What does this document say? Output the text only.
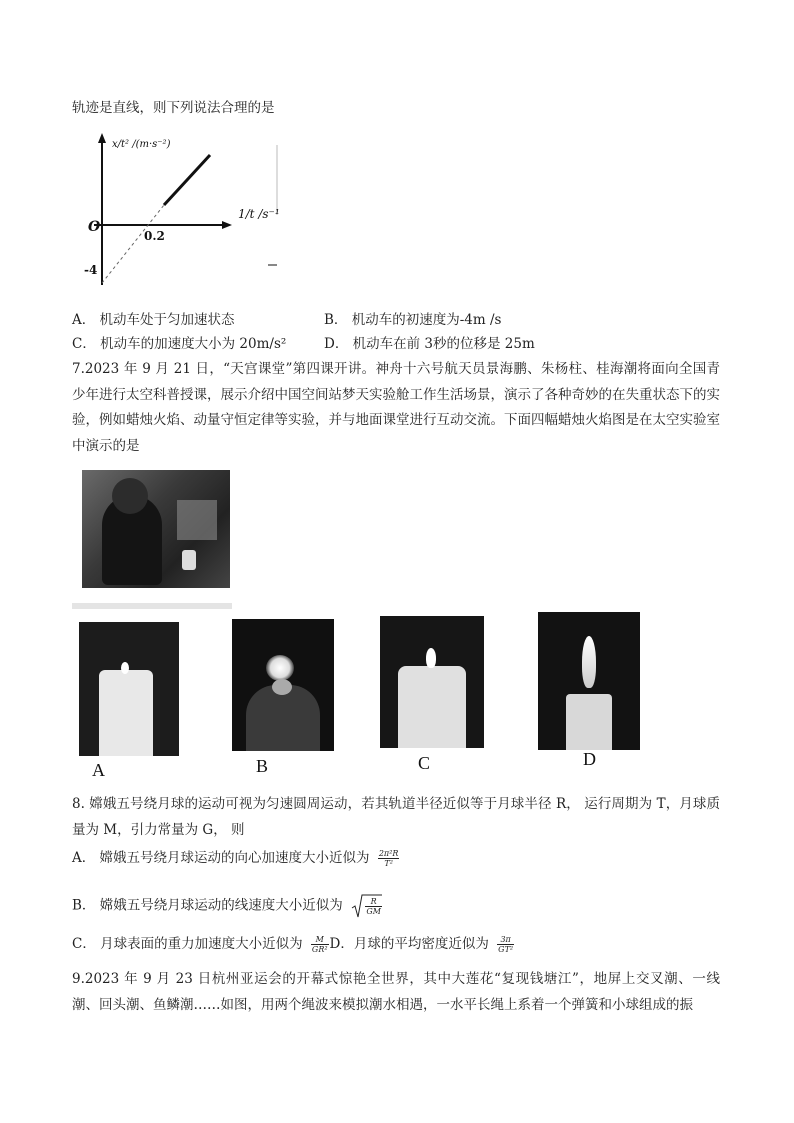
轨迹是直线，则下列说法合理的是
x/t² /(m·s⁻²)
1/t /s⁻¹
O
0.2
-4
A． 机动车处于匀加速状态	B． 机动车的初速度为-4m /s
C． 机动车的加速度大小为 20m/s²	D． 机动车在前 3秒的位移是 25m
7.2023 年 9 月 21 日，“天宫课堂”第四课开讲。神舟十六号航天员景海鹏、朱杨柱、桂海潮将面向全国青少年进行太空科普授课，展示介绍中国空间站梦天实验舱工作生活场景，演示了各种奇妙的在失重状态下的实验，例如蜡烛火焰、动量守恒定律等实验，并与地面课堂进行互动交流。下面四幅蜡烛火焰图是在太空实验室中演示的是
A	B	C	D
8. 嫦娥五号绕月球的运动可视为匀速圆周运动，若其轨道半径近似等于月球半径 R， 运行周期为 T，月球质量为 M，引力常量为 G， 则
A． 嫦娥五号绕月球运动的向心加速度大小近似为 $\frac{\text{2π²R}}{\text{T²}}$
B． 嫦娥五号绕月球运动的线速度大小近似为	$\frac{R}{GM}$
C． 月球表面的重力加速度大小近似为 $\frac{M}{\text{GR²}}$ D．月球的平均密度近似为 $\frac{3\pi}{\text{GT²}}$
9.2023 年 9 月 23 日杭州亚运会的开幕式惊艳全世界，其中大莲花“复现钱塘江”，地屏上交叉潮、一线潮、回头潮、鱼鳞潮……如图，用两个绳波来模拟潮水相遇，一水平长绳上系着一个弹簧和小球组成的振
